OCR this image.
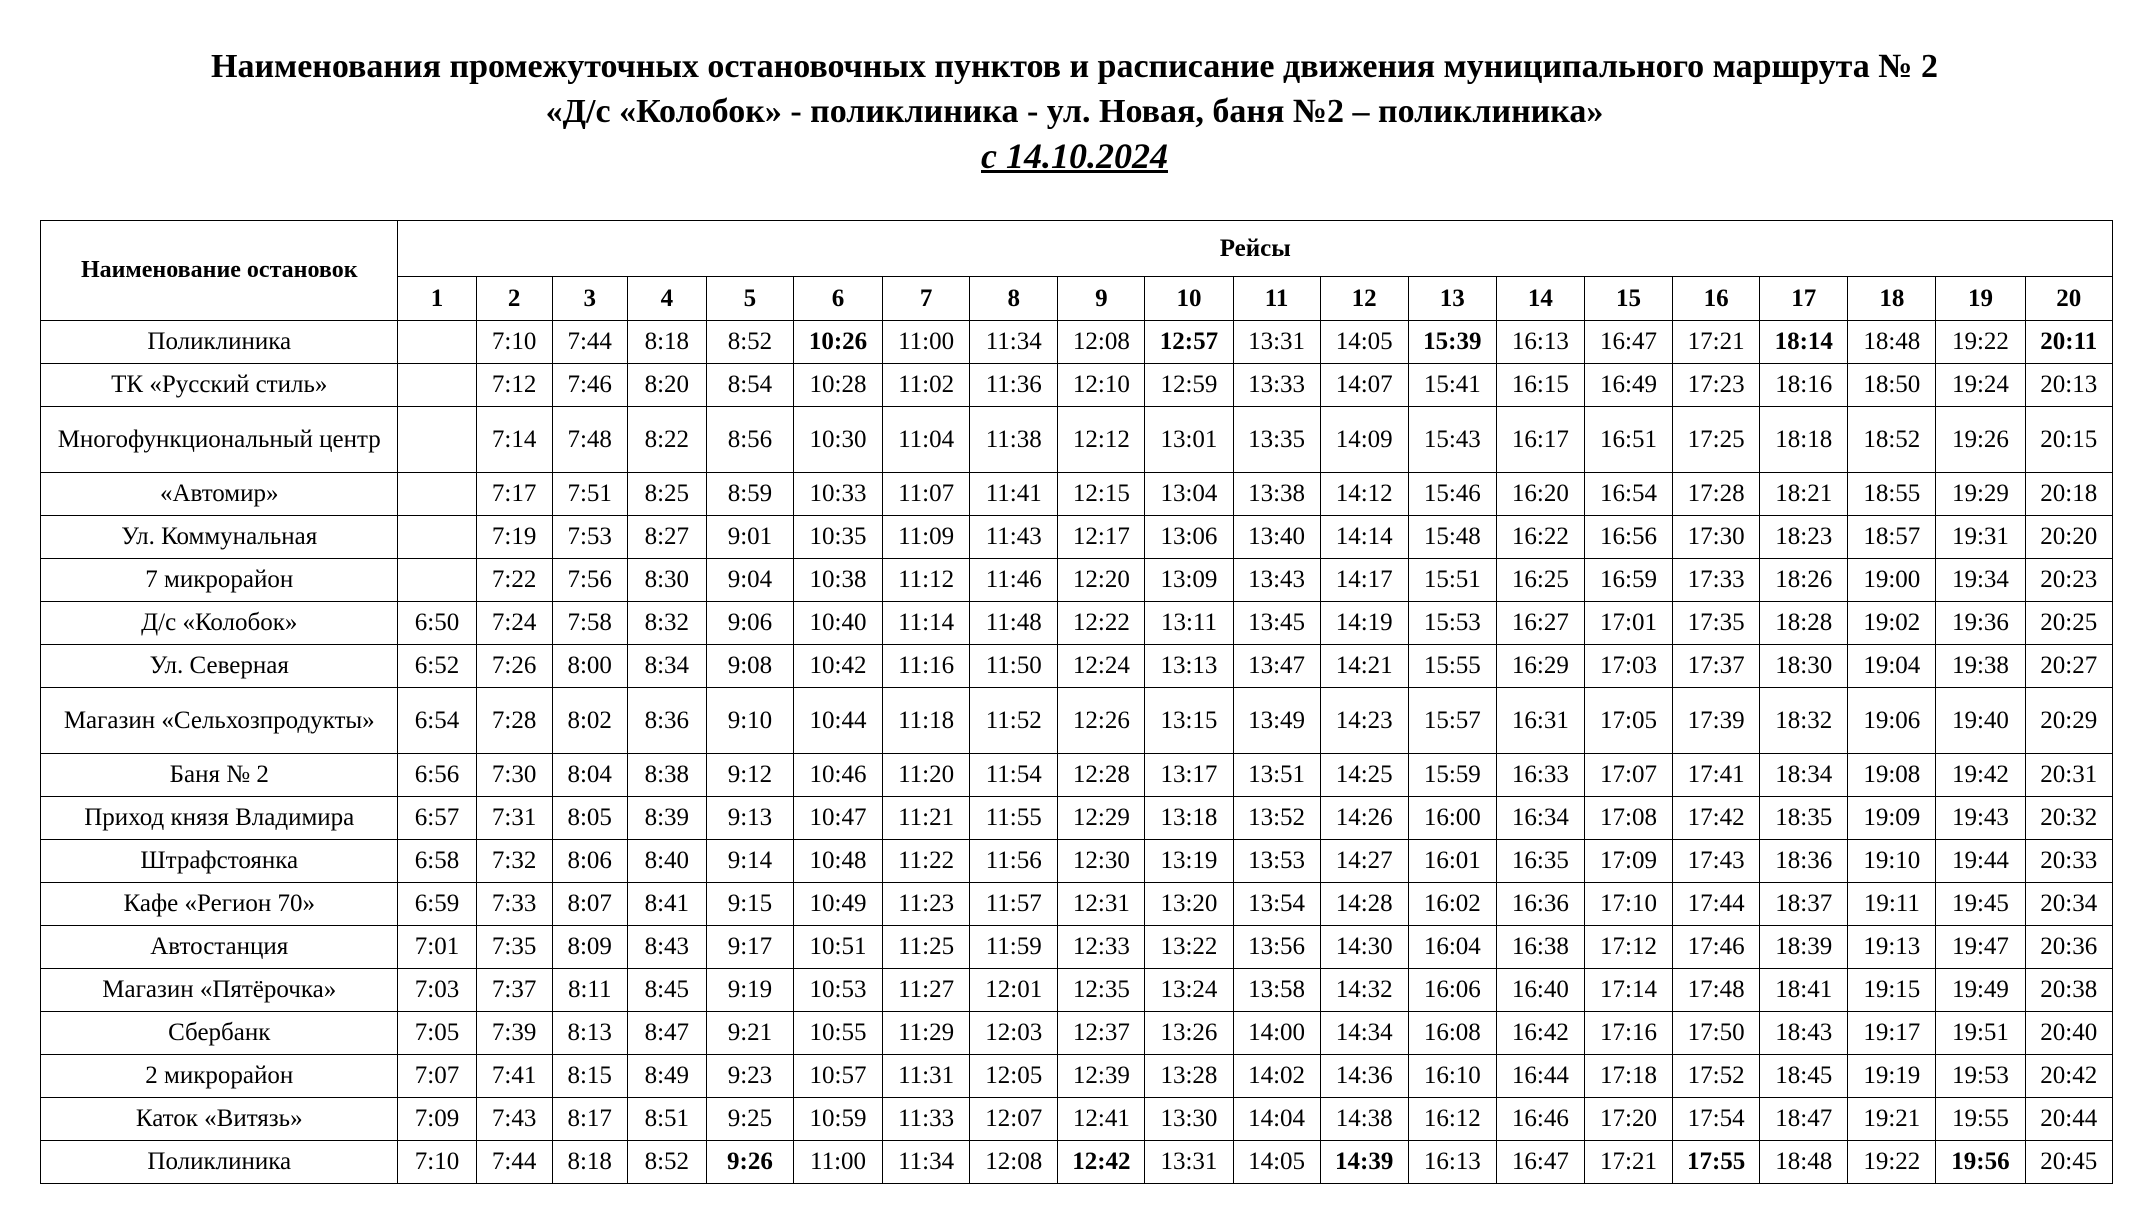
Наименования промежуточных остановочных пунктов и расписание движения муниципального маршрута № 2
«Д/с «Колобок» - поликлиника - ул. Новая, баня №2 – поликлиника»
с 14.10.2024
Наименование остановок	Рейсы																			
	1	2	3	4	5	6	7	8	9	10	11	12	13	14	15	16	17	18	19	20
Поликлиника		7:10	7:44	8:18	8:52	10:26	11:00	11:34	12:08	12:57	13:31	14:05	15:39	16:13	16:47	17:21	18:14	18:48	19:22	20:11
ТК «Русский стиль»		7:12	7:46	8:20	8:54	10:28	11:02	11:36	12:10	12:59	13:33	14:07	15:41	16:15	16:49	17:23	18:16	18:50	19:24	20:13
Многофункциональный центр		7:14	7:48	8:22	8:56	10:30	11:04	11:38	12:12	13:01	13:35	14:09	15:43	16:17	16:51	17:25	18:18	18:52	19:26	20:15
«Автомир»		7:17	7:51	8:25	8:59	10:33	11:07	11:41	12:15	13:04	13:38	14:12	15:46	16:20	16:54	17:28	18:21	18:55	19:29	20:18
Ул. Коммунальная		7:19	7:53	8:27	9:01	10:35	11:09	11:43	12:17	13:06	13:40	14:14	15:48	16:22	16:56	17:30	18:23	18:57	19:31	20:20
7 микрорайон		7:22	7:56	8:30	9:04	10:38	11:12	11:46	12:20	13:09	13:43	14:17	15:51	16:25	16:59	17:33	18:26	19:00	19:34	20:23
Д/с «Колобок»	6:50	7:24	7:58	8:32	9:06	10:40	11:14	11:48	12:22	13:11	13:45	14:19	15:53	16:27	17:01	17:35	18:28	19:02	19:36	20:25
Ул. Северная	6:52	7:26	8:00	8:34	9:08	10:42	11:16	11:50	12:24	13:13	13:47	14:21	15:55	16:29	17:03	17:37	18:30	19:04	19:38	20:27
Магазин «Сельхозпродукты»	6:54	7:28	8:02	8:36	9:10	10:44	11:18	11:52	12:26	13:15	13:49	14:23	15:57	16:31	17:05	17:39	18:32	19:06	19:40	20:29
Баня № 2	6:56	7:30	8:04	8:38	9:12	10:46	11:20	11:54	12:28	13:17	13:51	14:25	15:59	16:33	17:07	17:41	18:34	19:08	19:42	20:31
Приход князя Владимира	6:57	7:31	8:05	8:39	9:13	10:47	11:21	11:55	12:29	13:18	13:52	14:26	16:00	16:34	17:08	17:42	18:35	19:09	19:43	20:32
Штрафстоянка	6:58	7:32	8:06	8:40	9:14	10:48	11:22	11:56	12:30	13:19	13:53	14:27	16:01	16:35	17:09	17:43	18:36	19:10	19:44	20:33
Кафе «Регион 70»	6:59	7:33	8:07	8:41	9:15	10:49	11:23	11:57	12:31	13:20	13:54	14:28	16:02	16:36	17:10	17:44	18:37	19:11	19:45	20:34
Автостанция	7:01	7:35	8:09	8:43	9:17	10:51	11:25	11:59	12:33	13:22	13:56	14:30	16:04	16:38	17:12	17:46	18:39	19:13	19:47	20:36
Магазин «Пятёрочка»	7:03	7:37	8:11	8:45	9:19	10:53	11:27	12:01	12:35	13:24	13:58	14:32	16:06	16:40	17:14	17:48	18:41	19:15	19:49	20:38
Сбербанк	7:05	7:39	8:13	8:47	9:21	10:55	11:29	12:03	12:37	13:26	14:00	14:34	16:08	16:42	17:16	17:50	18:43	19:17	19:51	20:40
2 микрорайон	7:07	7:41	8:15	8:49	9:23	10:57	11:31	12:05	12:39	13:28	14:02	14:36	16:10	16:44	17:18	17:52	18:45	19:19	19:53	20:42
Каток «Витязь»	7:09	7:43	8:17	8:51	9:25	10:59	11:33	12:07	12:41	13:30	14:04	14:38	16:12	16:46	17:20	17:54	18:47	19:21	19:55	20:44
Поликлиника	7:10	7:44	8:18	8:52	9:26	11:00	11:34	12:08	12:42	13:31	14:05	14:39	16:13	16:47	17:21	17:55	18:48	19:22	19:56	20:45
